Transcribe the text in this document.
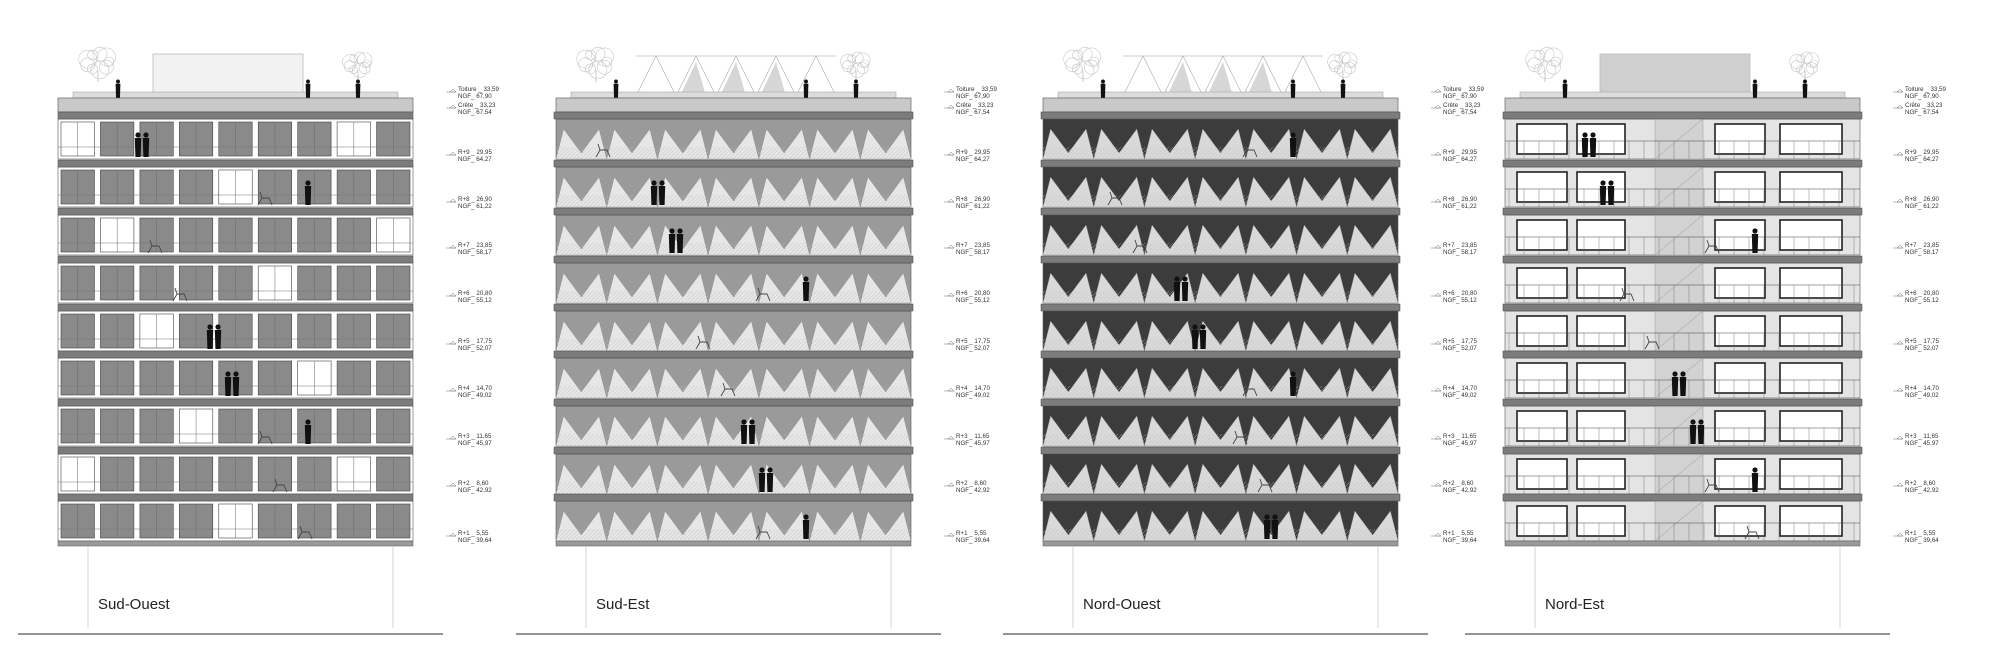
Sud-Ouest
Toiture _ 33,59
NGF_ 67,90
Crête _ 33,23
NGF_ 67,54
R+9 _ 29,95
NGF_ 64,27
R+8 _ 26,90
NGF_ 61,22
R+7 _ 23,85
NGF_ 58,17
R+6 _ 20,80
NGF_ 55,12
R+5 _ 17,75
NGF_ 52,07
R+4 _ 14,70
NGF_ 49,02
R+3 _ 11,65
NGF_ 45,97
R+2 _ 8,60
NGF_ 42,92
R+1 _ 5,55
NGF_ 39,64
Sud-Est
Toiture _ 33,59
NGF_ 67,90
Crête _ 33,23
NGF_ 67,54
R+9 _ 29,95
NGF_ 64,27
R+8 _ 26,90
NGF_ 61,22
R+7 _ 23,85
NGF_ 58,17
R+6 _ 20,80
NGF_ 55,12
R+5 _ 17,75
NGF_ 52,07
R+4 _ 14,70
NGF_ 49,02
R+3 _ 11,65
NGF_ 45,97
R+2 _ 8,60
NGF_ 42,92
R+1 _ 5,55
NGF_ 39,64
Nord-Ouest
Toiture _ 33,59
NGF_ 67,90
Crête _ 33,23
NGF_ 67,54
R+9 _ 29,95
NGF_ 64,27
R+8 _ 26,90
NGF_ 61,22
R+7 _ 23,85
NGF_ 58,17
R+6 _ 20,80
NGF_ 55,12
R+5 _ 17,75
NGF_ 52,07
R+4 _ 14,70
NGF_ 49,02
R+3 _ 11,65
NGF_ 45,97
R+2 _ 8,60
NGF_ 42,92
R+1 _ 5,55
NGF_ 39,64
Nord-Est
Toiture _ 33,59
NGF_ 67,90
Crête _ 33,23
NGF_ 67,54
R+9 _ 29,95
NGF_ 64,27
R+8 _ 26,90
NGF_ 61,22
R+7 _ 23,85
NGF_ 58,17
R+6 _ 20,80
NGF_ 55,12
R+5 _ 17,75
NGF_ 52,07
R+4 _ 14,70
NGF_ 49,02
R+3 _ 11,65
NGF_ 45,97
R+2 _ 8,60
NGF_ 42,92
R+1 _ 5,55
NGF_ 39,64
